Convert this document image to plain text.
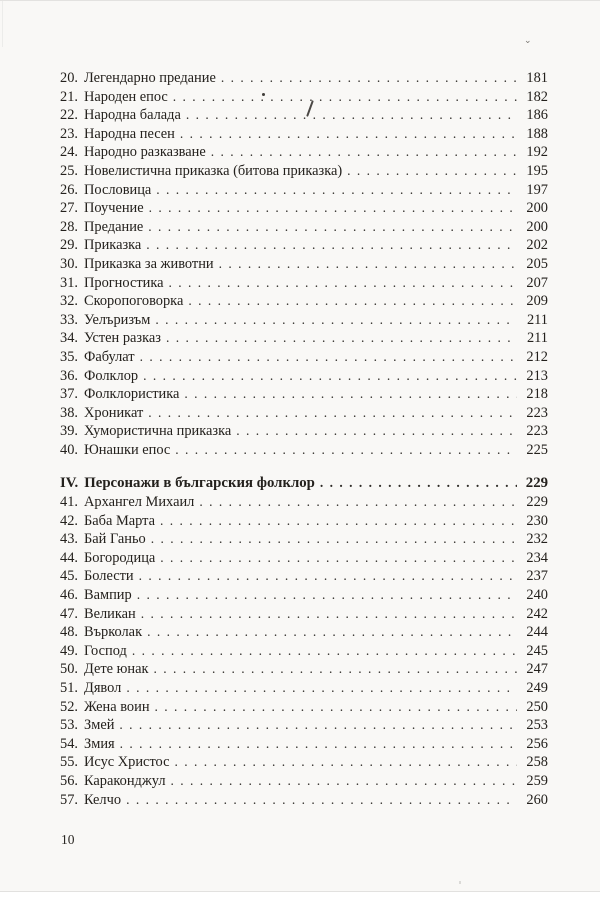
20. Легендарно предание . . .	181
21. Народен епос . . .	182
22. Народна балада . . .	186
23. Народна песен . . .	188
24. Народно разказване . . .	192
25. Новелистична приказка (битова приказка) . . .	195
26. Пословица . . .	197
27. Поучение . . .	200
28. Предание . . .	200
29. Приказка . . .	202
30. Приказка за животни . . .	205
31. Прогностика . . .	207
32. Скоропоговорка . . .	209
33. Уелъризъм . . .	211
34. Устен разказ . . .	211
35. Фабулат . . .	212
36. Фолклор . . .	213
37. Фолклористика . . .	218
38. Хроникат . . .	223
39. Хумористична приказка . . .	223
40. Юнашки епос . . .	225
IV. Персонажи в българския фолклор . . .	229
41. Архангел Михаил . . .	229
42. Баба Марта . . .	230
43. Бай Ганьо . . .	232
44. Богородица . . .	234
45. Болести . . .	237
46. Вампир . . .	240
47. Великан . . .	242
48. Върколак . . .	244
49. Господ . . .	245
50. Дете юнак . . .	247
51. Дявол . . .	249
52. Жена воин . . .	250
53. Змей . . .	253
54. Змия . . .	256
55. Исус Христос . . .	258
56. Караконджул . . .	259
57. Келчо . . .	260
10
⌄
